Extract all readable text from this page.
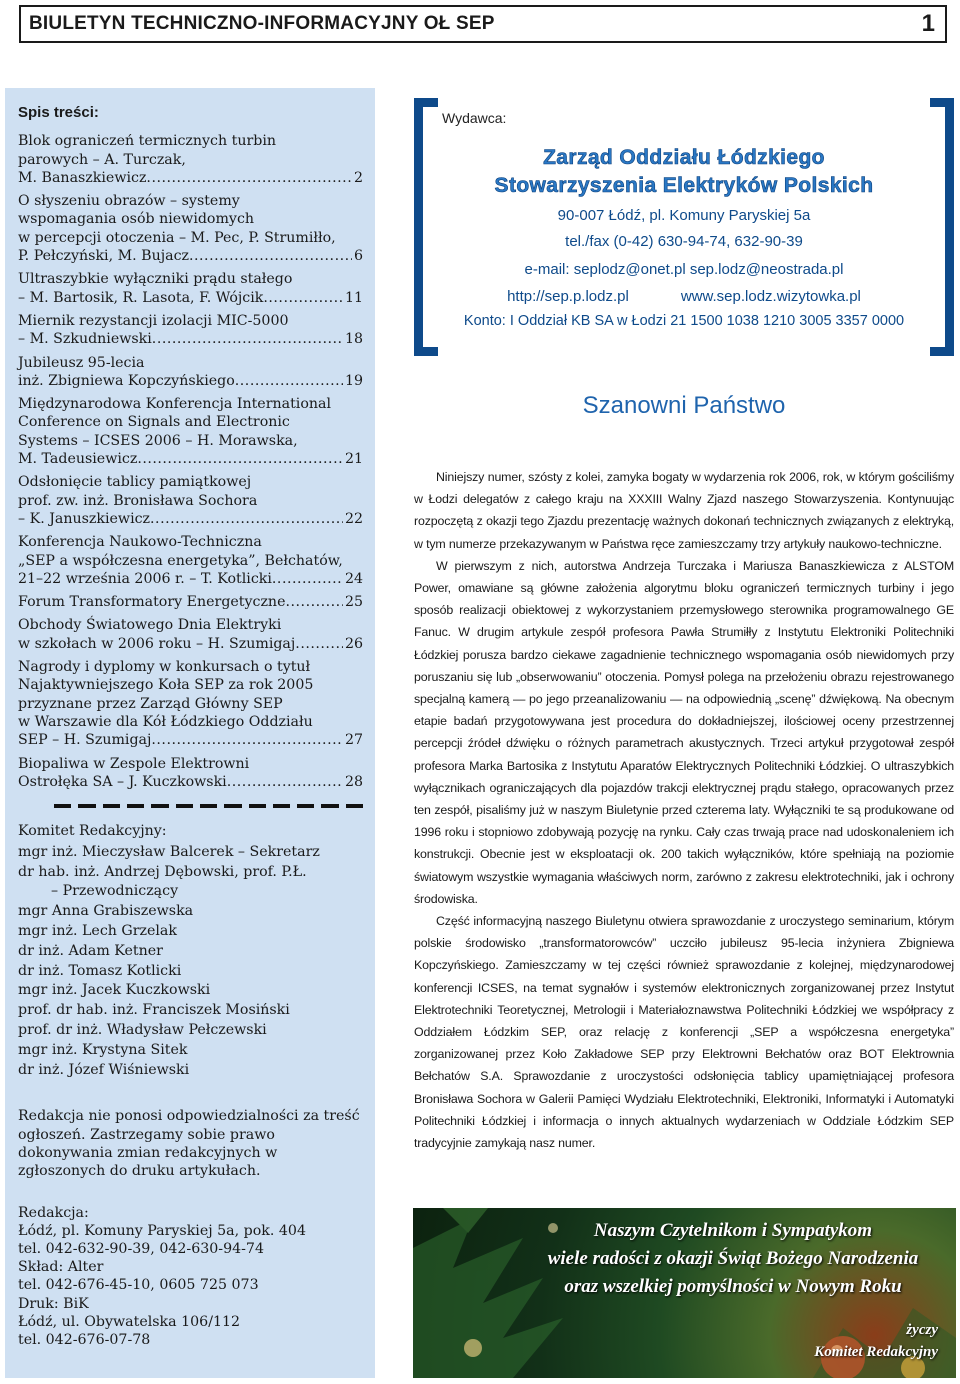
BIULETYN TECHNICZNO-INFORMACYJNY OŁ SEP	1
Spis treści:
Blok ograniczeń termicznych turbin
parowych – A. Turczak,
M. Banaszkiewicz . . .	2
O słyszeniu obrazów – systemy
wspomagania osób niewidomych
w percepcji otoczenia – M. Pec, P. Strumiłło,
P. Pełczyński, M. Bujacz . . .	6
Ultraszybkie wyłączniki prądu stałego
– M. Bartosik, R. Lasota, F. Wójcik . . .	11
Miernik rezystancji izolacji MIC-5000
– M. Szkudniewski . . .	18
Jubileusz 95-lecia
inż. Zbigniewa Kopczyńskiego . . .	19
Międzynarodowa Konferencja International
Conference on Signals and Electronic
Systems – ICSES 2006 – H. Morawska,
M. Tadeusiewicz . . .	21
Odsłonięcie tablicy pamiątkowej
prof. zw. inż. Bronisława Sochora
– K. Januszkiewicz . . .	22
Konferencja Naukowo-Techniczna
„SEP a współczesna energetyka”, Bełchatów,
21–22 września 2006 r. – T. Kotlicki . . .	24
Forum Transformatory Energetyczne . . .	25
Obchody Światowego Dnia Elektryki
w szkołach w 2006 roku – H. Szumigaj . . .	26
Nagrody i dyplomy w konkursach o tytuł
Najaktywniejszego Koła SEP za rok 2005
przyznane przez Zarząd Główny SEP
w Warszawie dla Kół Łódzkiego Oddziału
SEP – H. Szumigaj . . .	27
Biopaliwa w Zespole Elektrowni
Ostrołęka SA – J. Kuczkowski . . .	28
Komitet Redakcyjny:
mgr inż. Mieczysław Balcerek – Sekretarz
dr hab. inż. Andrzej Dębowski, prof. P.Ł.
– Przewodniczący
mgr Anna Grabiszewska
mgr inż. Lech Grzelak
dr inż. Adam Ketner
dr inż. Tomasz Kotlicki
mgr inż. Jacek Kuczkowski
prof. dr hab. inż. Franciszek Mosiński
prof. dr inż. Władysław Pełczewski
mgr inż. Krystyna Sitek
dr inż. Józef Wiśniewski
Redakcja nie ponosi odpowiedzialności za treść ogłoszeń. Zastrzegamy sobie prawo dokonywania zmian redakcyjnych w zgłoszonych do druku artykułach.
Redakcja:
Łódź, pl. Komuny Paryskiej 5a, pok. 404
tel. 042-632-90-39, 042-630-94-74
Skład: Alter
tel. 042-676-45-10, 0605 725 073
Druk: BiK
Łódź, ul. Obywatelska 106/112
tel. 042-676-07-78
Wydawca:
Zarząd Oddziału Łódzkiego
Stowarzyszenia Elektryków Polskich
90-007 Łódź, pl. Komuny Paryskiej 5a
tel./fax (0-42) 630-94-74, 632-90-39
e-mail: seplodz@onet.pl sep.lodz@neostrada.pl
http://sep.p.lodz.pl	www.sep.lodz.wizytowka.pl
Konto: I Oddział KB SA w Łodzi 21 1500 1038 1210 3005 3357 0000
Szanowni Państwo

Niniejszy numer, szósty z kolei, zamyka bogaty w wydarzenia rok 2006, rok, w którym gościliśmy w Łodzi delegatów z całego kraju na XXXIII Walny Zjazd naszego Stowarzyszenia. Kontynuując rozpoczętą z okazji tego Zjazdu prezentację ważnych dokonań technicznych związanych z elektryką, w tym numerze przekazywanym w Państwa ręce zamieszczamy trzy artykuły naukowo-techniczne.

W pierwszym z nich, autorstwa Andrzeja Turczaka i Mariusza Banaszkiewicza z ALSTOM Power, omawiane są główne założenia algorytmu bloku ograniczeń termicznych turbiny i jego sposób realizacji obiektowej z wykorzystaniem przemysłowego sterownika programowalnego GE Fanuc. W drugim artykule zespół profesora Pawła Strumiłły z Instytutu Elektroniki Politechniki Łódzkiej porusza bardzo ciekawe zagadnienie technicznego wspomagania osób niewidomych przy poruszaniu się lub „obserwowaniu” otoczenia. Pomysł polega na przełożeniu obrazu rejestrowanego specjalną kamerą — po jego przeanalizowaniu — na odpowiednią „scenę” dźwiękową. Na obecnym etapie badań przygotowywana jest procedura do dokładniejszej, ilościowej oceny przestrzennej percepcji źródeł dźwięku o różnych parametrach akustycznych. Trzeci artykuł przygotował zespół profesora Marka Bartosika z Instytutu Aparatów Elektrycznych Politechniki Łódzkiej. O ultraszybkich wyłącznikach ograniczających dla pojazdów trakcji elektrycznej prądu stałego, opracowanych przez ten zespół, pisaliśmy już w naszym Biuletynie przed czterema laty. Wyłączniki te są produkowane od 1996 roku i stopniowo zdobywają pozycję na rynku. Cały czas trwają prace nad udoskonaleniem ich konstrukcji. Obecnie jest w eksploatacji ok. 200 takich wyłączników, które spełniają na poziomie światowym wszystkie wymagania właściwych norm, zarówno z zakresu elektrotechniki, jak i ochrony środowiska.

Część informacyjną naszego Biuletynu otwiera sprawozdanie z uroczystego seminarium, którym polskie środowisko „transformatorowców” uczciło jubileusz 95-lecia inżyniera Zbigniewa Kopczyńskiego. Zamieszczamy w tej części również sprawozdanie z kolejnej, międzynarodowej konferencji ICSES, na temat sygnałów i systemów elektronicznych zorganizowanej przez Instytut Elektrotechniki Teoretycznej, Metrologii i Materiałoznawstwa Politechniki Łódzkiej we współpracy z Oddziałem Łódzkim SEP, oraz relację z konferencji „SEP a współczesna energetyka” zorganizowanej przez Koło Zakładowe SEP przy Elektrowni Bełchatów oraz BOT Elektrownia Bełchatów S.A. Sprawozdanie z uroczystości odsłonięcia tablicy upamiętniającej profesora Bronisława Sochora w Galerii Pamięci Wydziału Elektrotechniki, Elektroniki, Informatyki i Automatyki Politechniki Łódzkiej i informacja o innych aktualnych wydarzeniach w Oddziale Łódzkim SEP tradycyjnie zamykają nasz numer.

Naszym Czytelnikom i Sympatykom
wiele radości z okazji Świąt Bożego Narodzenia
oraz wszelkiej pomyślności w Nowym Roku
życzy
Komitet Redakcyjny
